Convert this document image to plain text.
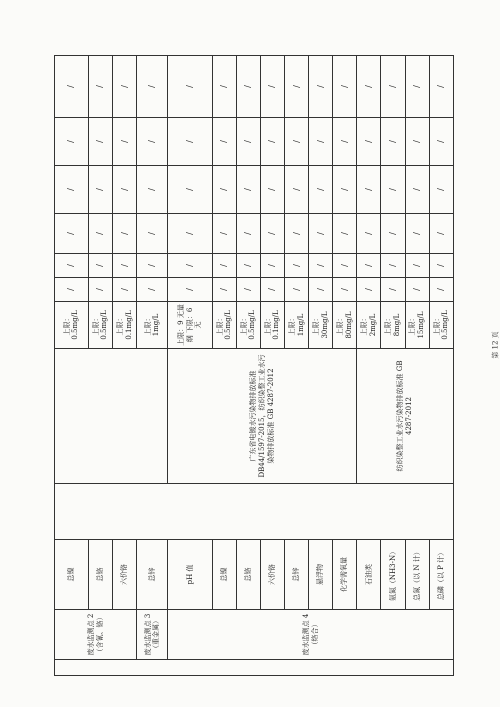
	废水监测点 2（含氰、铬）	总镍			上限：0.5mg/L	/	/	/	/	/	/
		总铬			上限：0.5mg/L	/	/	/	/	/	/
		六价铬			上限：0.1mg/L	/	/	/	/	/	/
	废水监测点 3（重金属）	总锌			上限：1mg/L	/	/	/	/	/	/
	废水监测点 4（络合）	pH 值		广东省电镀水污染物排放标准 DB44/1597-2015，纺织染整工业水污染物排放标准 GB 4287-2012	上限：9 无量纲 下限：6 无	/	/	/	/	/	/
		总镍			上限：0.5mg/L	/	/	/	/	/	/
		总铬			上限：0.5mg/L	/	/	/	/	/	/
		六价铬			上限：0.1mg/L	/	/	/	/	/	/
		总锌			上限：1mg/L	/	/	/	/	/	/
		悬浮物			上限：30mg/L	/	/	/	/	/	/
		化学需氧量			上限：80mg/L	/	/	/	/	/	/
		石油类		纺织染整工业水污染物排放标准 GB 4287-2012	上限：2mg/L	/	/	/	/	/	/
		氨氮（NH3-N）			上限：8mg/L	/	/	/	/	/	/
		总氮（以 N 计）			上限：15mg/L	/	/	/	/	/	/
		总磷（以 P 计）			上限：0.5mg/L	/	/	/	/	/	/
第 12 页
